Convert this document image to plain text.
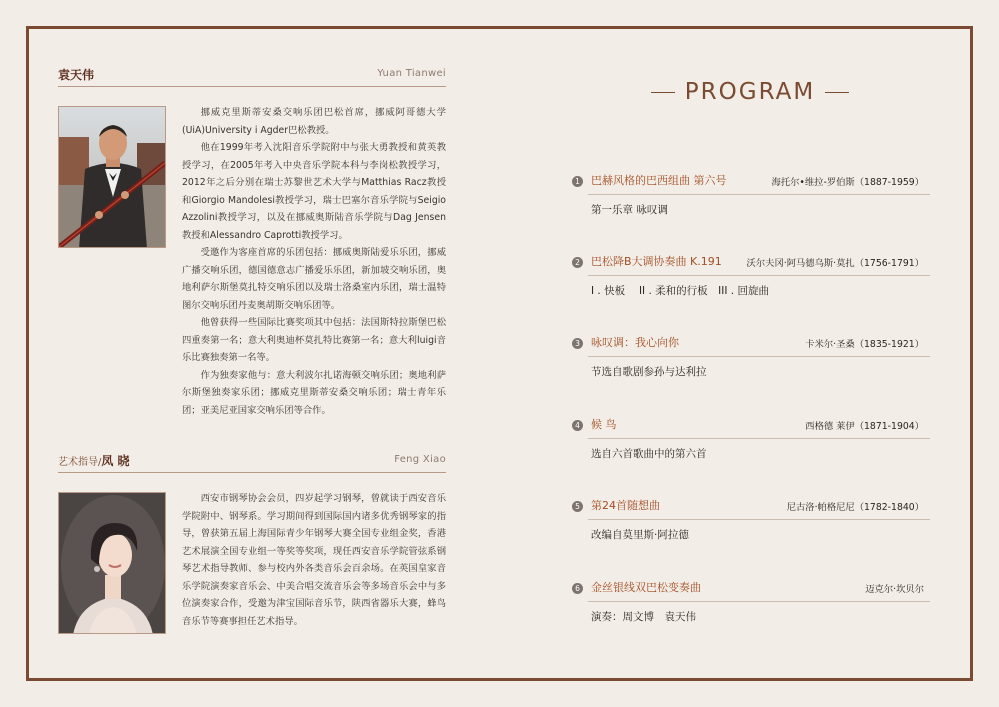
袁天伟	Yuan Tianwei

挪威克里斯蒂安桑交响乐团巴松首席，挪威阿哥德大学(UiA)University i Agder巴松教授。

他在1999年考入沈阳音乐学院附中与张大勇教授和黄英教授学习，在2005年考入中央音乐学院本科与李岗松教授学习，2012年之后分别在瑞士苏黎世艺术大学与Matthias Racz教授和Giorgio Mandolesi教授学习，瑞士巴塞尔音乐学院与Seigio Azzolini教授学习，以及在挪威奥斯陆音乐学院与Dag Jensen教授和Alessandro Caprotti教授学习。

受邀作为客座首席的乐团包括：挪威奥斯陆爱乐乐团，挪威广播交响乐团，德国德意志广播爱乐乐团，新加坡交响乐团，奥地利萨尔斯堡莫扎特交响乐团以及瑞士洛桑室内乐团，瑞士温特图尔交响乐团丹麦奥胡斯交响乐团等。

他曾获得一些国际比赛奖项其中包括：法国斯特拉斯堡巴松四重奏第一名；意大利奥迪杯莫扎特比赛第一名；意大利luigi音乐比赛独奏第一名等。

作为独奏家他与：意大利波尔扎诺海顿交响乐团；奥地利萨尔斯堡独奏家乐团；挪威克里斯蒂安桑交响乐团；瑞士青年乐团；亚美尼亚国家交响乐团等合作。

艺术指导/凤 晓	Feng Xiao

西安市钢琴协会会员，四岁起学习钢琴，曾就读于西安音乐学院附中、钢琴系。学习期间得到国际国内诸多优秀钢琴家的指导，曾获第五届上海国际青少年钢琴大赛全国专业组金奖，香港艺术展演全国专业组一等奖等奖项，现任西安音乐学院管弦系钢琴艺术指导教师、参与校内外各类音乐会百余场。在英国皇家音乐学院演奏家音乐会、中美合唱交流音乐会等多场音乐会中与多位演奏家合作，受邀为津宝国际音乐节，陕西省器乐大赛，蜂鸟音乐节等赛事担任艺术指导。

PROGRAM
1 巴赫风格的巴西组曲 第六号	海托尔•维拉-罗伯斯（1887-1959）
第一乐章 咏叹调
2 巴松降B大调协奏曲 K.191	沃尔夫冈·阿马德乌斯·莫扎（1756-1791）
I . 快板　 II . 柔和的行板　III . 回旋曲
3 咏叹调：我心向你	卡米尔·圣桑（1835-1921）
节选自歌剧参孙与达利拉
4 候 鸟	西格德 莱伊（1871-1904）
选自六首歌曲中的第六首
5 第24首随想曲	尼古洛·帕格尼尼（1782-1840）
改编自莫里斯·阿拉德
6 金丝银线双巴松变奏曲	迈克尔·坎贝尔
演奏：周文博　袁天伟
